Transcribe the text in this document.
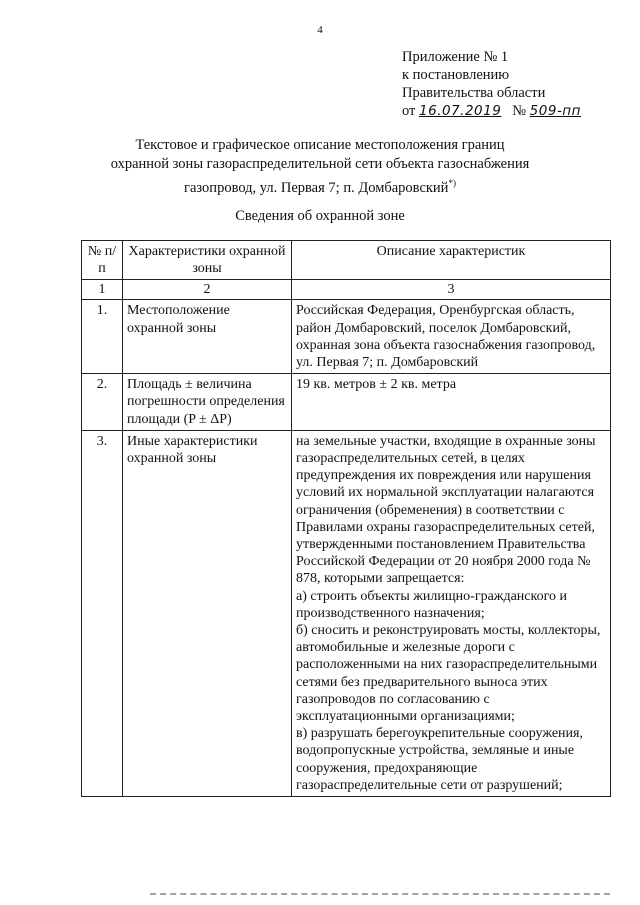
4
Приложение № 1
к постановлению
Правительства области
от 16.07.2019 № 509-пп
Текстовое и графическое описание местоположения границ
охранной зоны газораспределительной сети объекта газоснабжения
газопровод, ул. Первая 7; п. Домбаровский*)
Сведения об охранной зоне
№ п/п	Характеристики охранной зоны	Описание характеристик
1	2	3
1.	Местоположение охранной зоны	Российская Федерация, Оренбургская область, район Домбаровский, поселок Домбаровский, охранная зона объекта газоснабжения газопровод, ул. Первая 7; п. Домбаровский

2.	Площадь ± величина погрешности определения площади (P ± ΔP)	19 кв. метров ± 2 кв. метра

3.	Иные характеристики охранной зоны	на земельные участки, входящие в охранные зоны газораспределительных сетей, в целях предупреждения их повреждения или нарушения условий их нормальной эксплуатации налагаются ограничения (обременения) в соответствии с Правилами охраны газораспределительных сетей, утвержденными постановлением Правительства Российской Федерации от 20 ноября 2000 года № 878, которыми запрещается:

а) строить объекты жилищно-гражданского и производственного назначения;

б) сносить и реконструировать мосты, коллекторы, автомобильные и железные дороги с расположенными на них газораспределительными сетями без предварительного выноса этих газопроводов по согласованию с эксплуатационными организациями;

в) разрушать берегоукрепительные сооружения, водопропускные устройства, земляные и иные сооружения, предохраняющие газораспределительные сети от разрушений;
